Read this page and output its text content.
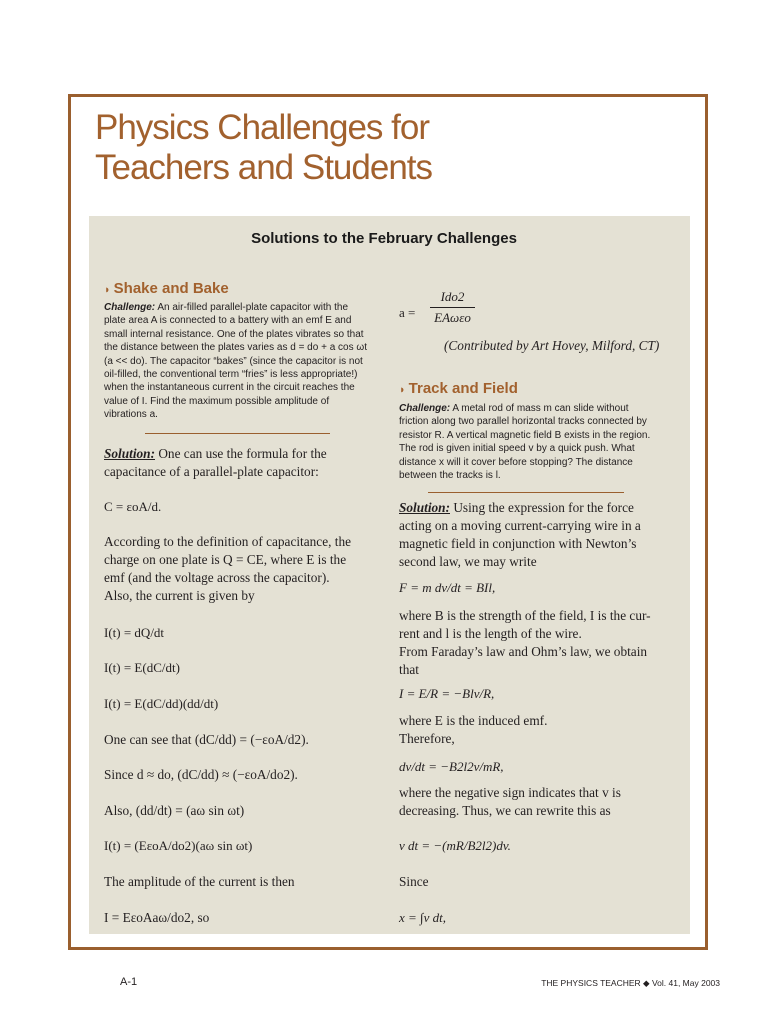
Physics Challenges for
Teachers and Students
Solutions to the February Challenges
◗ Shake and Bake
Challenge: An air-filled parallel-plate capacitor with the
plate area A is connected to a battery with an emf E and
small internal resistance. One of the plates vibrates so that
the distance between the plates varies as d = do + a cos ωt
(a << do). The capacitor “bakes” (since the capacitor is not
oil-filled, the conventional term “fries” is less appropriate!)
when the instantaneous current in the circuit reaches the
value of I. Find the maximum possible amplitude of
vibrations a.

Solution: One can use the formula for the
capacitance of a parallel-plate capacitor:

C = εoA/d.

According to the definition of capacitance, the
charge on one plate is Q = CE, where E is the
emf (and the voltage across the capacitor).
Also, the current is given by

I(t) = dQ/dt

I(t) = E(dC/dt)

I(t) = E(dC/dd)(dd/dt)

One can see that (dC/dd) = (−εoA/d2).

Since d ≈ do, (dC/dd) ≈ (−εoA/do2).

Also, (dd/dt) = (aω sin ωt)

I(t) = (EεoA/do2)(aω sin ωt)

The amplitude of the current is then

I = EεoAaω/do2, so

a =

Ido2
EAωεo

(Contributed by Art Hovey, Milford, CT)

◗ Track and Field
Challenge: A metal rod of mass m can slide without
friction along two parallel horizontal tracks connected by
resistor R. A vertical magnetic field B exists in the region.
The rod is given initial speed v by a quick push. What
distance x will it cover before stopping? The distance
between the tracks is l.

Solution: Using the expression for the force
acting on a moving current-carrying wire in a
magnetic field in conjunction with Newton’s
second law, we may write

F = m dv/dt = BIl,

where B is the strength of the field, I is the cur-
rent and l is the length of the wire.
From Faraday’s law and Ohm’s law, we obtain
that

I = E/R = −Blv/R,

where E is the induced emf.
Therefore,

dv/dt = −B2l2v/mR,

where the negative sign indicates that v is
decreasing. Thus, we can rewrite this as

v dt = −(mR/B2l2)dv.

Since

x = ∫v dt,

A-1	THE PHYSICS TEACHER ◆ Vol. 41, May 2003
